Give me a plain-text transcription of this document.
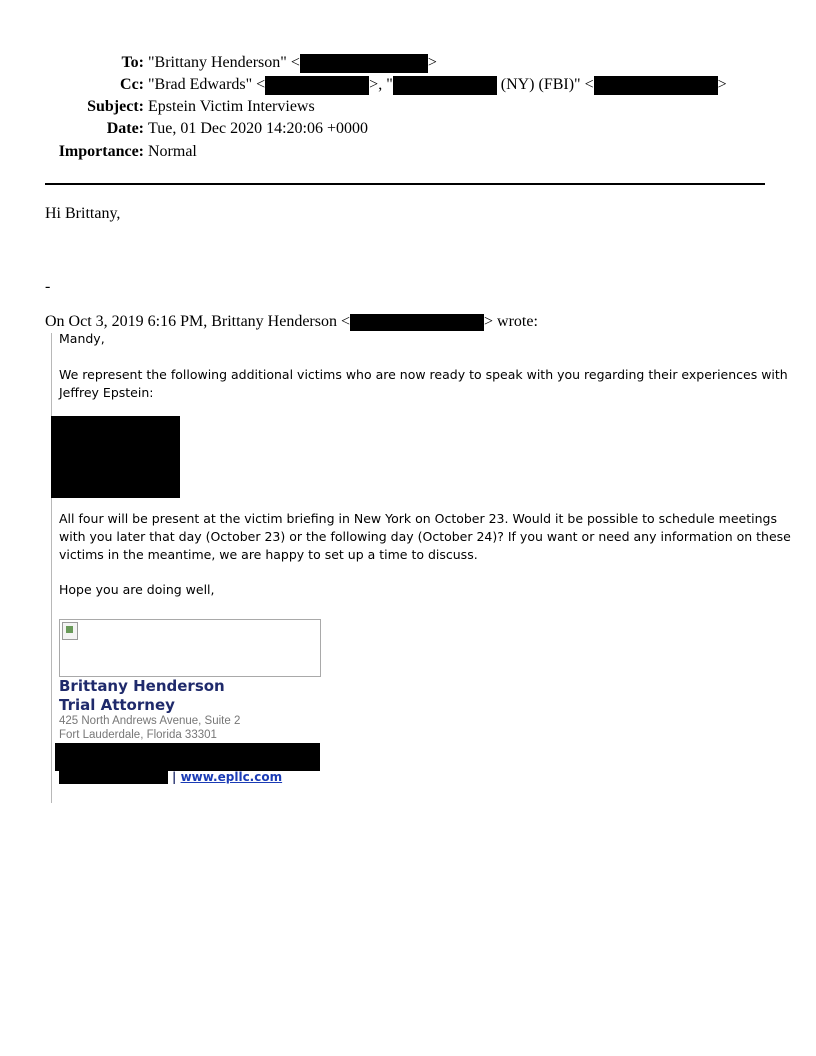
To: "Brittany Henderson" <	>
Cc: "Brad Edwards" <	>, "	(NY) (FBI)" <	>
Subject: Epstein Victim Interviews
Date: Tue, 01 Dec 2020 14:20:06 +0000
Importance: Normal
Hi Brittany,
-
On Oct 3, 2019 6:16 PM, Brittany Henderson <	> wrote:
Mandy,
We represent the following additional victims who are now ready to speak with you regarding their experiences with
Jeffrey Epstein:
All four will be present at the victim briefing in New York on October 23. Would it be possible to schedule meetings
with you later that day (October 23) or the following day (October 24)? If you want or need any information on these
victims in the meantime, we are happy to set up a time to discuss.
Hope you are doing well,
Brittany Henderson
Trial Attorney
425 North Andrews Avenue, Suite 2
Fort Lauderdale, Florida 33301
| www.epllc.com
